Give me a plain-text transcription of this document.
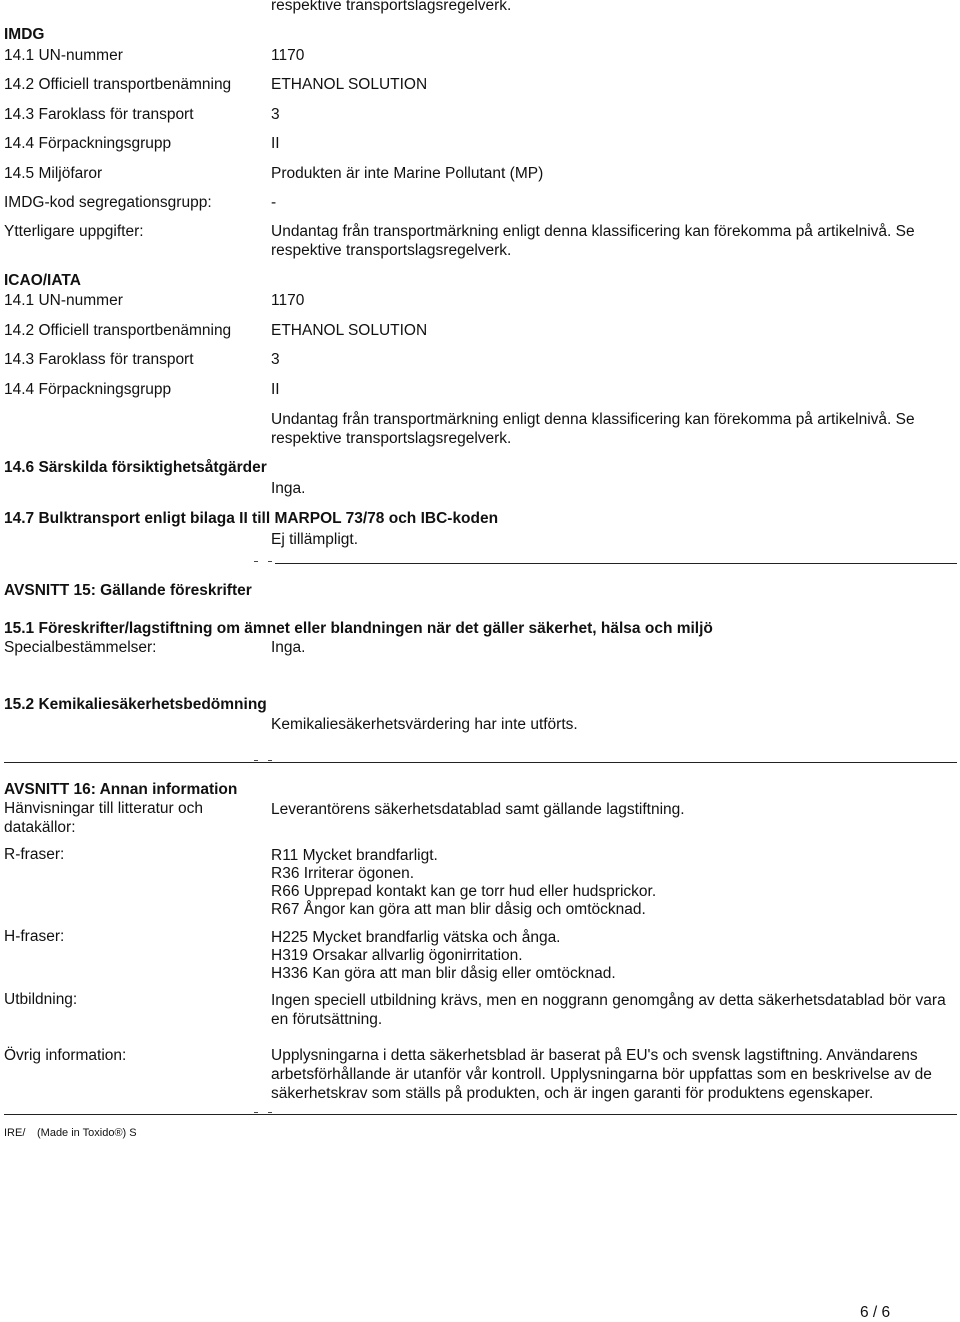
respektive transportslagsregelverk.
IMDG
14.1 UN-nummer	1170
14.2 Officiell transportbenämning	ETHANOL SOLUTION
14.3 Faroklass för transport	3
14.4 Förpackningsgrupp	II
14.5 Miljöfaror	Produkten är inte Marine Pollutant (MP)
IMDG-kod segregationsgrupp:	-
Ytterligare uppgifter:	Undantag från transportmärkning enligt denna klassificering kan förekomma på artikelnivå. Se respektive transportslagsregelverk.
ICAO/IATA
14.1 UN-nummer	1170
14.2 Officiell transportbenämning	ETHANOL SOLUTION
14.3 Faroklass för transport	3
14.4 Förpackningsgrupp	II
Undantag från transportmärkning enligt denna klassificering kan förekomma på artikelnivå. Se respektive transportslagsregelverk.
14.6 Särskilda försiktighetsåtgärder
Inga.
14.7 Bulktransport enligt bilaga II till MARPOL 73/78 och IBC-koden
Ej tillämpligt.
AVSNITT 15: Gällande föreskrifter
15.1 Föreskrifter/lagstiftning om ämnet eller blandningen när det gäller säkerhet, hälsa och miljö
Specialbestämmelser:	Inga.
15.2 Kemikaliesäkerhetsbedömning
Kemikaliesäkerhetsvärdering har inte utförts.
AVSNITT 16: Annan information
Hänvisningar till litteratur och datakällor:
Leverantörens säkerhetsdatablad samt gällande lagstiftning.
R-fraser:	R11 Mycket brandfarligt.
R36 Irriterar ögonen.
R66 Upprepad kontakt kan ge torr hud eller hudsprickor.
R67 Ångor kan göra att man blir dåsig och omtöcknad.
H-fraser:	H225 Mycket brandfarlig vätska och ånga.
H319 Orsakar allvarlig ögonirritation.
H336 Kan göra att man blir dåsig eller omtöcknad.
Utbildning:	Ingen speciell utbildning krävs, men en noggrann genomgång av detta säkerhetsdatablad bör vara en förutsättning.
Övrig information:	Upplysningarna i detta säkerhetsblad är baserat på EU's och svensk lagstiftning. Användarens arbetsförhållande är utanför vår kontroll. Upplysningarna bör uppfattas som en beskrivelse av de säkerhetskrav som ställs på produkten, och är ingen garanti för produktens egenskaper.
IRE/ (Made in Toxido®) S
6 / 6
